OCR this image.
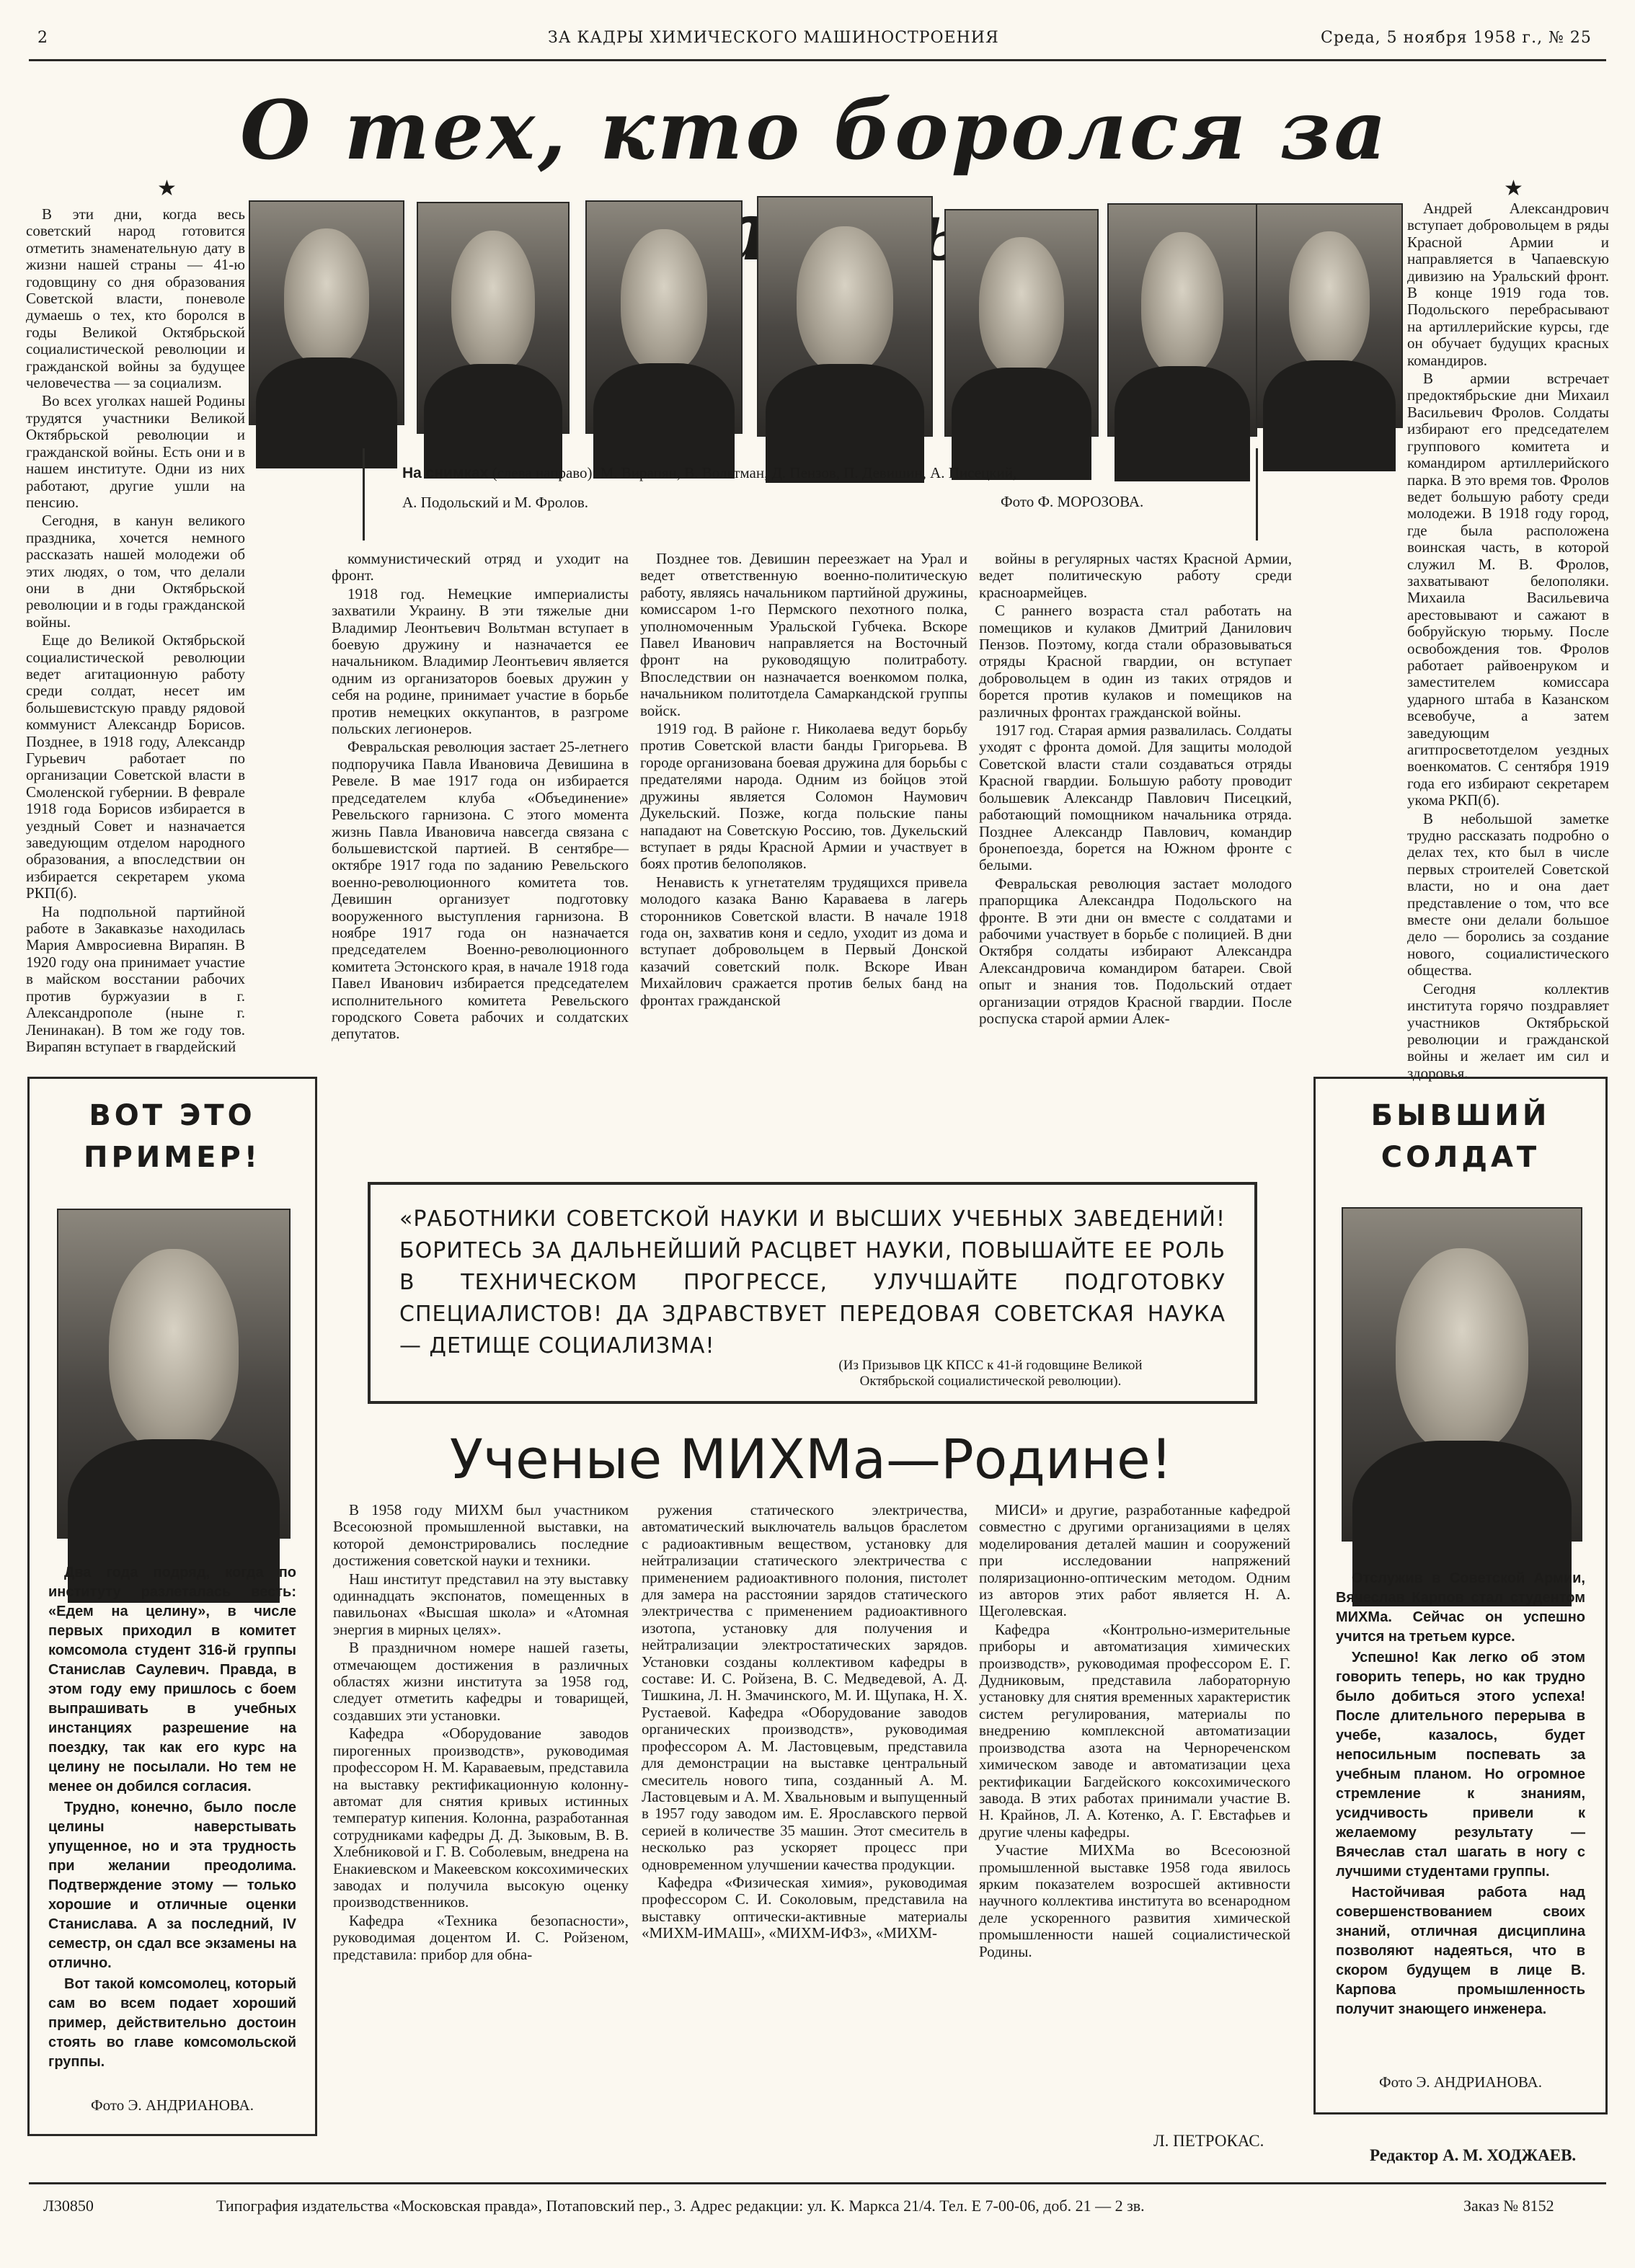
2	ЗА КАДРЫ ХИМИЧЕСКОГО МАШИНОСТРОЕНИЯ	Среда, 5 ноября 1958 г., № 25
О тех, кто боролся за
★	★

В эти дни, когда весь советский народ готовится отметить знаменательную дату в жизни нашей страны — 41-ю годовщину со дня образования Советской власти, поневоле думаешь о тех, кто боролся в годы Великой Октябрьской социалистической революции и гражданской войны за будущее человечества — за социализм.

Во всех уголках нашей Родины трудятся участники Великой Октябрьской революции и гражданской войны. Есть они и в нашем институте. Одни из них работают, другие ушли на пенсию.

Сегодня, в канун великого праздника, хочется немного рассказать нашей молодежи об этих людях, о том, что делали они в дни Октябрьской революции и в годы гражданской войны.

Еще до Великой Октябрьской социалистической революции ведет агитационную работу среди солдат, несет им большевистскую правду рядовой коммунист Александр Борисов. Позднее, в 1918 году, Александр Гурьевич работает по организации Советской власти в Смоленской губернии. В феврале 1918 года Борисов избирается в уездный Совет и назначается заведующим отделом народного образования, а впоследствии он избирается секретарем укома РКП(б).

На подпольной партийной работе в Закавказье находилась Мария Амвросиевна Вирапян. В 1920 году она принимает участие в майском восстании рабочих против буржуазии в г. Александрополе (ныне г. Ленинакан). В том же году тов. Вирапян вступает в гвардейский

На снимках (слева направо): М. Вирапян, В. Вольтман, Д. Пензов, П. Девишин, А. Писецкий,
А. Подольский и М. Фролов.	Фото Ф. МОРОЗОВА.

Андрей Александрович вступает добровольцем в ряды Красной Армии и направляется в Чапаевскую дивизию на Уральский фронт. В конце 1919 года тов. Подольского перебрасывают на артиллерийские курсы, где он обучает будущих красных командиров.

В армии встречает предоктябрьские дни Михаил Васильевич Фролов. Солдаты избирают его председателем группового комитета и командиром артиллерийского парка. В это время тов. Фролов ведет большую работу среди молодежи. В 1918 году город, где была расположена воинская часть, в которой служил М. В. Фролов, захватывают белополяки. Михаила Васильевича арестовывают и сажают в бобруйскую тюрьму. После освобождения тов. Фролов работает райвоенруком и заместителем комиссара ударного штаба в Казанском всевобуче, а затем заведующим агитпросветотделом уездных военкоматов. С сентября 1919 года его избирают секретарем укома РКП(б).

В небольшой заметке трудно рассказать подробно о делах тех, кто был в числе первых строителей Советской власти, но и она дает представление о том, что все вместе они делали большое дело — боролись за создание нового, социалистического общества.

Сегодня коллектив института горячо поздравляет участников Октябрьской революции и гражданской войны и желает им сил и здоровья.

коммунистический отряд и уходит на фронт.

1918 год. Немецкие империалисты захватили Украину. В эти тяжелые дни Владимир Леонтьевич Вольтман вступает в боевую дружину и назначается ее начальником. Владимир Леонтьевич является одним из организаторов боевых дружин у себя на родине, принимает участие в борьбе против немецких оккупантов, в разгроме польских легионеров.

Февральская революция застает 25-летнего подпоручика Павла Ивановича Девишина в Ревеле. В мае 1917 года он избирается председателем клуба «Объединение» Ревельского гарнизона. С этого момента жизнь Павла Ивановича навсегда связана с большевистской партией. В сентябре—октябре 1917 года по заданию Ревельского военно-революционного комитета тов. Девишин организует подготовку вооруженного выступления гарнизона. В ноябре 1917 года он назначается председателем Военно-революционного комитета Эстонского края, в начале 1918 года Павел Иванович избирается председателем исполнительного комитета Ревельского городского Совета рабочих и солдатских депутатов.

Позднее тов. Девишин переезжает на Урал и ведет ответственную военно-политическую работу, являясь начальником партийной дружины, комиссаром 1-го Пермского пехотного полка, уполномоченным Уральской Губчека. Вскоре Павел Иванович направляется на Восточный фронт на руководящую политработу. Впоследствии он назначается военкомом полка, начальником политотдела Самаркандской группы войск.

1919 год. В районе г. Николаева ведут борьбу против Советской власти банды Григорьева. В городе организована боевая дружина для борьбы с предателями народа. Одним из бойцов этой дружины является Соломон Наумович Дукельский. Позже, когда польские паны нападают на Советскую Россию, тов. Дукельский вступает в ряды Красной Армии и участвует в боях против белополяков.

Ненависть к угнетателям трудящихся привела молодого казака Ваню Караваева в лагерь сторонников Советской власти. В начале 1918 года он, захватив коня и седло, уходит из дома и вступает добровольцем в Первый Донской казачий советский полк. Вскоре Иван Михайлович сражается против белых банд на фронтах гражданской

войны в регулярных частях Красной Армии, ведет политическую работу среди красноармейцев.

С раннего возраста стал работать на помещиков и кулаков Дмитрий Данилович Пензов. Поэтому, когда стали образовываться отряды Красной гвардии, он вступает добровольцем в один из таких отрядов и борется против кулаков и помещиков на различных фронтах гражданской войны.

1917 год. Старая армия развалилась. Солдаты уходят с фронта домой. Для защиты молодой Советской власти стали создаваться отряды Красной гвардии. Большую работу проводит большевик Александр Павлович Писецкий, работающий помощником начальника отряда. Позднее Александр Павлович, командир бронепоезда, борется на Южном фронте с белыми.

Февральская революция застает молодого прапорщика Александра Подольского на фронте. В эти дни он вместе с солдатами и рабочими участвует в борьбе с полицией. В дни Октября солдаты избирают Александра Александровича командиром батареи. Свой опыт и знания тов. Подольский отдает организации отрядов Красной гвардии. После роспуска старой армии Алек-

ВОТ ЭТО
ПРИМЕР!

Два года подряд, когда по институту разлеталась весть: «Едем на целину», в числе первых приходил в комитет комсомола студент 316-й группы Станислав Саулевич. Правда, в этом году ему пришлось с боем выпрашивать в учебных инстанциях разрешение на поездку, так как его курс на целину не посылали. Но тем не менее он добился согласия.

Трудно, конечно, было после целины наверстывать упущенное, но и эта трудность при желании преодолима. Подтверждение этому — только хорошие и отличные оценки Станислава. А за последний, IV семестр, он сдал все экзамены на отлично.

Вот такой комсомолец, который сам во всем подает хороший пример, действительно достоин стоять во главе комсомольской группы.

Фото Э. АНДРИАНОВА.
БЫВШИЙ
СОЛДАТ

Отслужив в Советской Армии, Вячеслав Карпов стал студентом МИХМа. Сейчас он успешно учится на третьем курсе.

Успешно! Как легко об этом говорить теперь, но как трудно было добиться этого успеха! После длительного перерыва в учебе, казалось, будет непосильным поспевать за учебным планом. Но огромное стремление к знаниям, усидчивость привели к желаемому результату — Вячеслав стал шагать в ногу с лучшими студентами группы.

Настойчивая работа над совершенствованием своих знаний, отличная дисциплина позволяют надеяться, что в скором будущем в лице В. Карпова промышленность получит знающего инженера.

Фото Э. АНДРИАНОВА.
Редактор А. М. ХОДЖАЕВ.
«РАБОТНИКИ СОВЕТСКОЙ НАУКИ И ВЫСШИХ УЧЕБНЫХ ЗАВЕДЕНИЙ! БОРИТЕСЬ ЗА ДАЛЬНЕЙШИЙ РАСЦВЕТ НАУКИ, ПОВЫШАЙТЕ ЕЕ РОЛЬ В ТЕХНИЧЕСКОМ ПРОГРЕССЕ, УЛУЧШАЙТЕ ПОДГОТОВКУ СПЕЦИАЛИСТОВ! ДА ЗДРАВСТВУЕТ ПЕРЕДОВАЯ СОВЕТСКАЯ НАУКА — ДЕТИЩЕ СОЦИАЛИЗМА!
(Из Призывов ЦК КПСС к 41-й годовщине Великой
Октябрьской социалистической революции).
Ученые МИХМа—Родине!

В 1958 году МИХМ был участником Всесоюзной промышленной выставки, на которой демонстрировались последние достижения советской науки и техники.

Наш институт представил на эту выставку одиннадцать экспонатов, помещенных в павильонах «Высшая школа» и «Атомная энергия в мирных целях».

В праздничном номере нашей газеты, отмечающем достижения в различных областях жизни института за 1958 год, следует отметить кафедры и товарищей, создавших эти установки.

Кафедра «Оборудование заводов пирогенных производств», руководимая профессором Н. М. Караваевым, представила на выставку ректификационную колонну-автомат для снятия кривых истинных температур кипения. Колонна, разработанная сотрудниками кафедры Д. Д. Зыковым, В. В. Хлебниковой и Г. В. Соболевым, внедрена на Енакиевском и Макеевском коксохимических заводах и получила высокую оценку производственников.

Кафедра «Техника безопасности», руководимая доцентом И. С. Ройзеном, представила: прибор для обна-

ружения статического электричества, автоматический выключатель вальцов браслетом с радиоактивным веществом, установку для нейтрализации статического электричества с применением радиоактивного полония, пистолет для замера на расстоянии зарядов статического электричества с применением радиоактивного изотопа, установку для получения и нейтрализации электростатических зарядов. Установки созданы коллективом кафедры в составе: И. С. Ройзена, В. С. Медведевой, А. Д. Тишкина, Л. Н. Змачинского, М. И. Щупака, Н. Х. Рустаевой. Кафедра «Оборудование заводов органических производств», руководимая профессором А. М. Ластовцевым, представила для демонстрации на выставке центральный смеситель нового типа, созданный А. М. Ластовцевым и А. М. Хвальновым и выпущенный в 1957 году заводом им. Е. Ярославского первой серией в количестве 35 машин. Этот смеситель в несколько раз ускоряет процесс при одновременном улучшении качества продукции.

Кафедра «Физическая химия», руководимая профессором С. И. Соколовым, представила на выставку оптически-активные материалы «МИХМ-ИМАШ», «МИХМ-ИФЗ», «МИХМ-

МИСИ» и другие, разработанные кафедрой совместно с другими организациями в целях моделирования деталей машин и сооружений при исследовании напряжений поляризационно-оптическим методом. Одним из авторов этих работ является Н. А. Щеголевская.

Кафедра «Контрольно-измерительные приборы и автоматизация химических производств», руководимая профессором Е. Г. Дудниковым, представила лабораторную установку для снятия временных характеристик систем регулирования, материалы по внедрению комплексной автоматизации производства азота на Чернореченском химическом заводе и автоматизации цеха ректификации Багдейского коксохимического завода. В этих работах принимали участие В. Н. Крайнов, Л. А. Котенко, А. Г. Евстафьев и другие члены кафедры.

Участие МИХМа во Всесоюзной промышленной выставке 1958 года явилось ярким показателем возросшей активности научного коллектива института во всенародном деле ускоренного развития химической промышленности нашей социалистической Родины.

Л. ПЕТРОКАС.
Л30850	Типография издательства «Московская правда», Потаповский пер., 3. Адрес редакции: ул. К. Маркса 21/4. Тел. Е 7-00-06, доб. 21 — 2 зв.	Заказ № 8152
